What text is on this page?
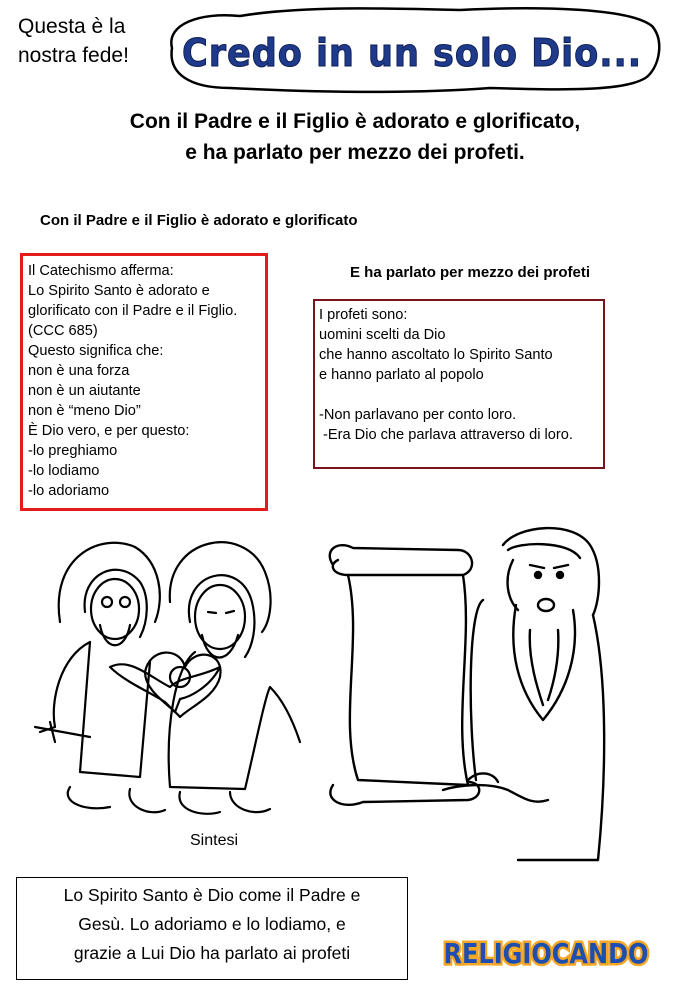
Questa è la
nostra fede!	Credo in un solo Dio...
Con il Padre e il Figlio è adorato e glorificato,
e ha parlato per mezzo dei profeti.
Con il Padre e il Figlio è adorato e glorificato
Il Catechismo afferma:
Lo Spirito Santo è adorato e
glorificato con il Padre e il Figlio.
(CCC 685)
Questo significa che:
non è una forza
non è un aiutante
non è “meno Dio”
È Dio vero, e per questo:
-lo preghiamo
-lo lodiamo
-lo adoriamo
E ha parlato per mezzo dei profeti
I profeti sono:
uomini scelti da Dio
che hanno ascoltato lo Spirito Santo
e hanno parlato al popolo
-Non parlavano per conto loro.
-Era Dio che parlava attraverso di loro.
Sintesi
Lo Spirito Santo è Dio come il Padre e
Gesù. Lo adoriamo e lo lodiamo, e
grazie a Lui Dio ha parlato ai profeti	RELIGIOCANDO
